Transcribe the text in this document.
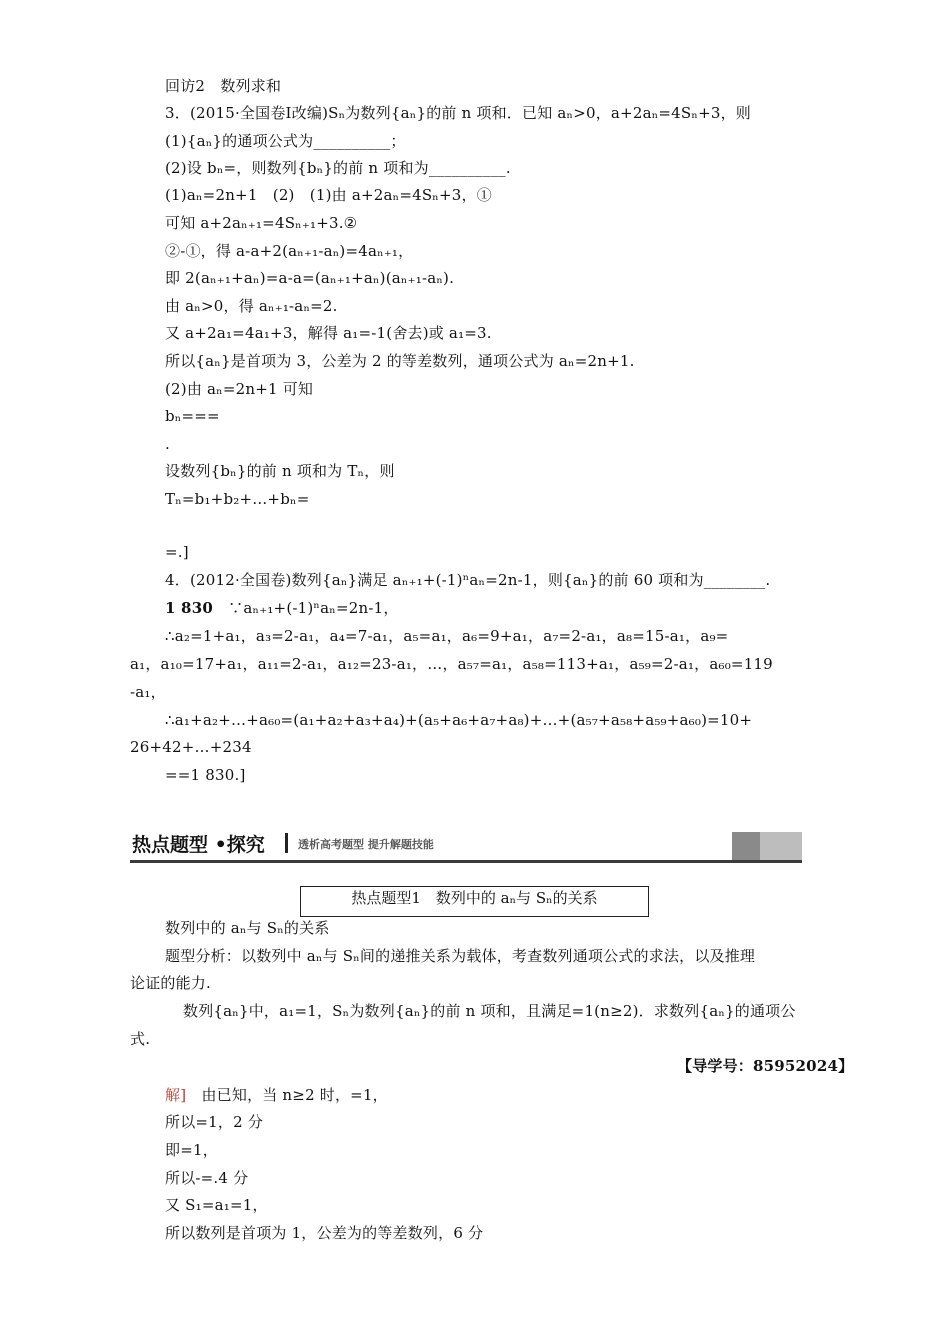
回访2　数列求和
3．(2015·全国卷Ⅰ改编)Sₙ为数列{aₙ}的前 n 项和．已知 aₙ>0，a+2aₙ=4Sₙ+3，则
(1){aₙ}的通项公式为__________；
(2)设 bₙ=，则数列{bₙ}的前 n 项和为__________.
(1)aₙ=2n+1　(2)　(1)由 a+2aₙ=4Sₙ+3，①
可知 a+2aₙ₊₁=4Sₙ₊₁+3.②
②-①，得 a-a+2(aₙ₊₁-aₙ)=4aₙ₊₁，
即 2(aₙ₊₁+aₙ)=a-a=(aₙ₊₁+aₙ)(aₙ₊₁-aₙ).
由 aₙ>0，得 aₙ₊₁-aₙ=2.
又 a+2a₁=4a₁+3，解得 a₁=-1(舍去)或 a₁=3.
所以{aₙ}是首项为 3，公差为 2 的等差数列，通项公式为 aₙ=2n+1.
(2)由 aₙ=2n+1 可知
bₙ===
.
设数列{bₙ}的前 n 项和为 Tₙ，则
Tₙ=b₁+b₂+…+bₙ=
=.]
4．(2012·全国卷)数列{aₙ}满足 aₙ₊₁+(-1)ⁿaₙ=2n-1，则{aₙ}的前 60 项和为________.
1 830　∵aₙ₊₁+(-1)ⁿaₙ=2n-1，
∴a₂=1+a₁，a₃=2-a₁，a₄=7-a₁，a₅=a₁，a₆=9+a₁，a₇=2-a₁，a₈=15-a₁，a₉=
a₁，a₁₀=17+a₁，a₁₁=2-a₁，a₁₂=23-a₁，…，a₅₇=a₁，a₅₈=113+a₁，a₅₉=2-a₁，a₆₀=119
-a₁，
∴a₁+a₂+…+a₆₀=(a₁+a₂+a₃+a₄)+(a₅+a₆+a₇+a₈)+…+(a₅₇+a₅₈+a₅₉+a₆₀)=10+
26+42+…+234
==1 830.]
数列中的 aₙ与 Sₙ的关系
题型分析：以数列中 aₙ与 Sₙ间的递推关系为载体，考查数列通项公式的求法，以及推理
论证的能力.
数列{aₙ}中，a₁=1，Sₙ为数列{aₙ}的前 n 项和，且满足=1(n≥2)．求数列{aₙ}的通项公
式.
【导学号：85952024】
解]　由已知，当 n≥2 时，=1，
所以=1，2 分
即=1，
所以-=.4 分
又 S₁=a₁=1，
所以数列是首项为 1，公差为的等差数列，6 分
热点题型 •探究	透析高考题型 提升解题技能
热点题型1　数列中的 aₙ与 Sₙ的关系
